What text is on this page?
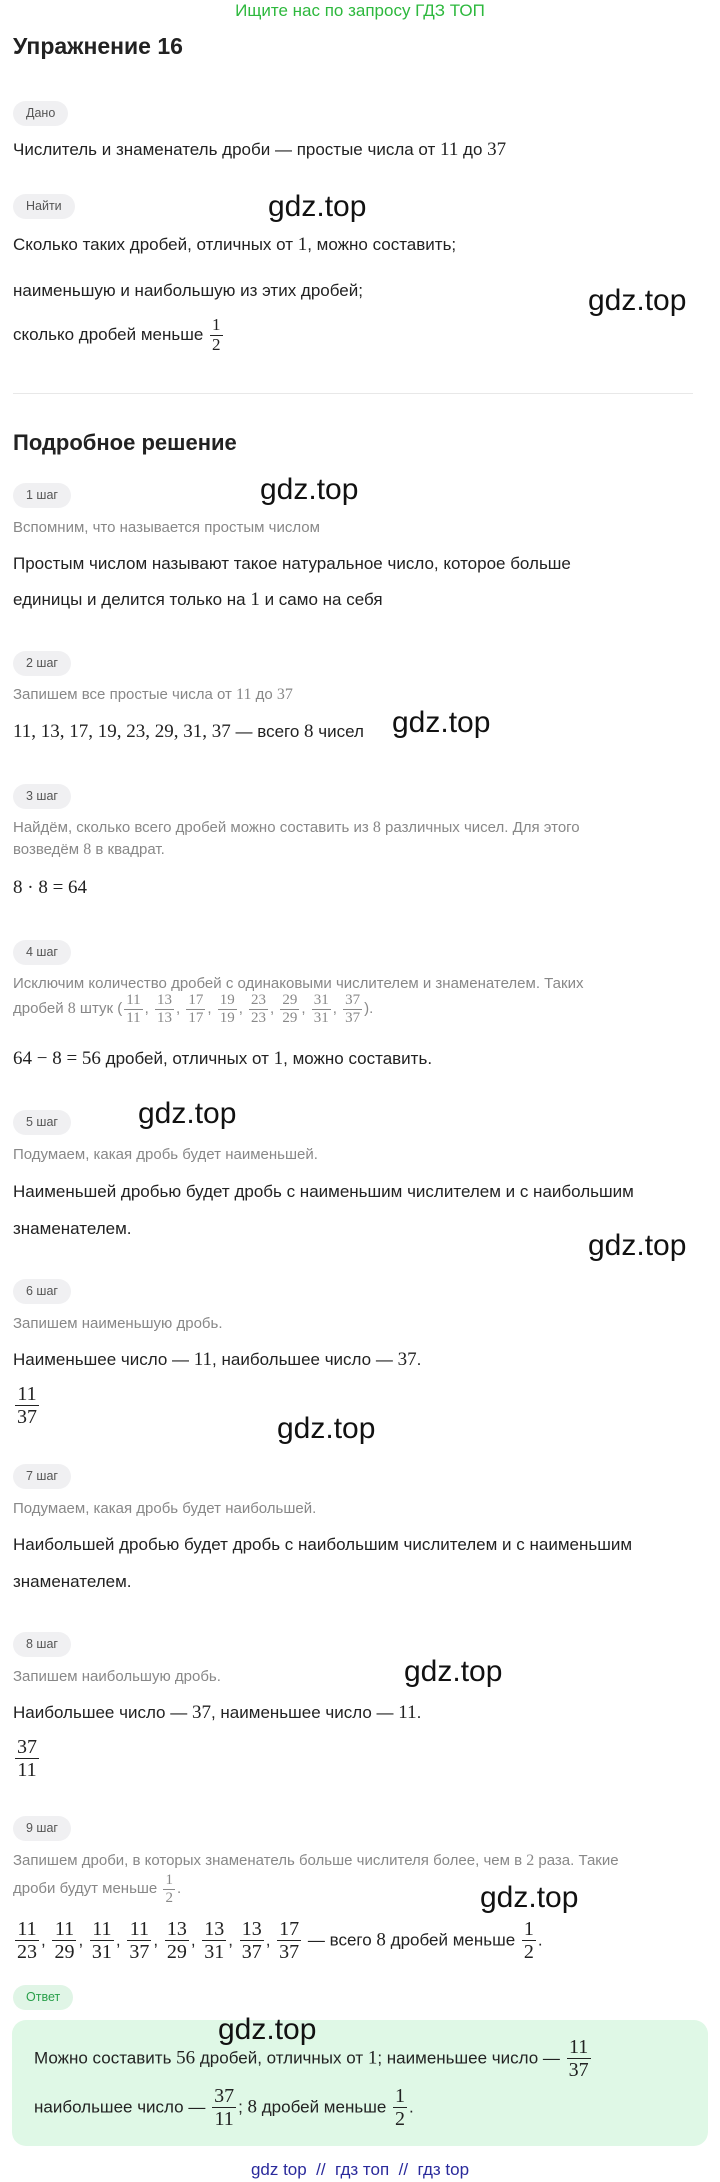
Ищите нас по запросу ГДЗ ТОП
Упражнение 16
Дано
Числитель и знаменатель дроби — простые числа от 11 до 37
Найти
Сколько таких дробей, отличных от 1, можно составить;
наименьшую и наибольшую из этих дробей;
сколько дробей меньше $\frac{1}{2}$
Подробное решение
1 шаг
Вспомним, что называется простым числом
Простым числом называют такое натуральное число, которое больше
единицы и делится только на 1 и само на себя
2 шаг
Запишем все простые числа от 11 до 37
11, 13, 17, 19, 23, 29, 31, 37 — всего 8 чисел
3 шаг
Найдём, сколько всего дробей можно составить из 8 различных чисел. Для этого
возведём 8 в квадрат.
8 · 8 = 64
4 шаг
Исключим количество дробей с одинаковыми числителем и знаменателем. Таких
дробей 8 штук ( $\frac{11}{11}$ , $\frac{13}{13}$ , $\frac{17}{17}$ , $\frac{19}{19}$ , $\frac{23}{23}$ , $\frac{29}{29}$ , $\frac{31}{31}$ , $\frac{37}{37}$ ).
64 − 8 = 56 дробей, отличных от 1, можно составить.
5 шаг
Подумаем, какая дробь будет наименьшей.
Наименьшей дробью будет дробь с наименьшим числителем и с наибольшим
знаменателем.
6 шаг
Запишем наименьшую дробь.
Наименьшее число — 11, наибольшее число — 37.
$\frac{11}{37}$
7 шаг
Подумаем, какая дробь будет наибольшей.
Наибольшей дробью будет дробь с наибольшим числителем и с наименьшим
знаменателем.
8 шаг
Запишем наибольшую дробь.
Наибольшее число — 37, наименьшее число — 11.
$\frac{37}{11}$
9 шаг
Запишем дроби, в которых знаменатель больше числителя более, чем в 2 раза. Такие
дроби будут меньше $\frac{1}{2}$ .
$\frac{11}{23}$ , $\frac{11}{29}$ , $\frac{11}{31}$ , $\frac{11}{37}$ , $\frac{13}{29}$ , $\frac{13}{31}$ , $\frac{13}{37}$ , $\frac{17}{37}$ — всего 8 дробей меньше $\frac{1}{2}$ .
Ответ
Можно составить 56 дробей, отличных от 1; наименьшее число — $\frac{11}{37}$
наибольшее число — $\frac{37}{11}$ ; 8 дробей меньше $\frac{1}{2}$ .
gdz.top
gdz.top
gdz.top
gdz.top
gdz.top
gdz.top
gdz.top
gdz.top
gdz.top
gdz.top
gdz top  //  гдз топ  //  гдз top
